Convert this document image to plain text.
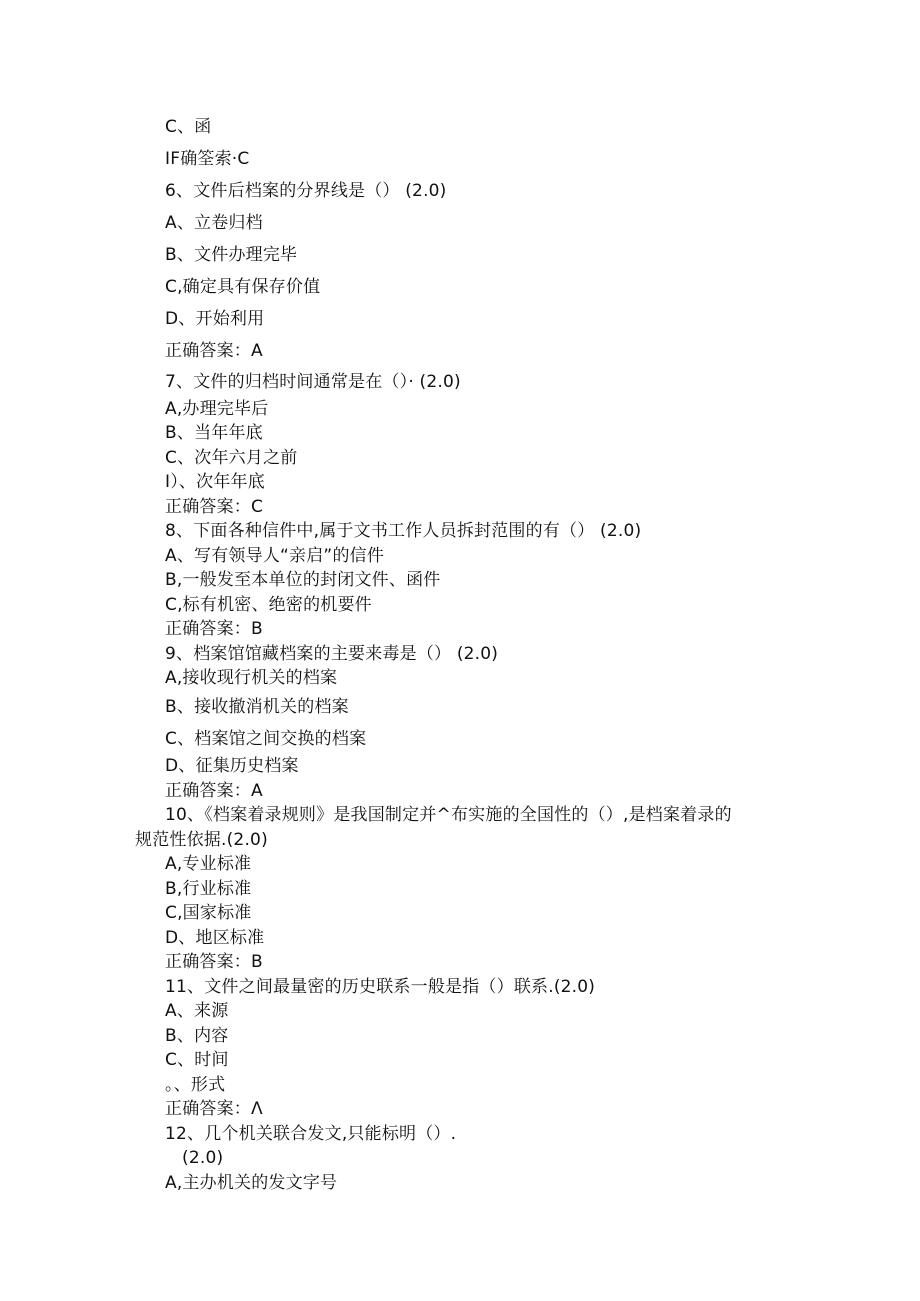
C、函
IF确筌索·C
6、文件后档案的分界线是（） (2.0)
A、立卷归档
B、文件办理完毕
C,确定具有保存价值
D、开始利用
正确答案：A
7、文件的归档时间通常是在（）· (2.0)
A,办理完毕后
B、当年年底
C、次年六月之前
I）、次年年底
正确答案：C
8、下面各种信件中,属于文书工作人员拆封范围的有（） (2.0)
A、写有领导人“亲启”的信件
B,一般发至本单位的封闭文件、函件
C,标有机密、绝密的机要件
正确答案：B
9、档案馆馆藏档案的主要来毒是（） (2.0)
A,接收现行机关的档案
B、接收撤消机关的档案
C、档案馆之间交换的档案
D、征集历史档案
正确答案：A
10、《档案着录规则》是我国制定并^布实施的全国性的（）,是档案着录的
规范性依据.(2.0)
A,专业标准
B,行业标准
C,国家标准
D、地区标准
正确答案：B
11、文件之间最量密的历史联系一般是指（）联系.(2.0)
A、来源
B、内容
C、时间
。、形式
正确答案：Λ
12、几个机关联合发文,只能标明（）.
(2.0)
A,主办机关的发文字号
